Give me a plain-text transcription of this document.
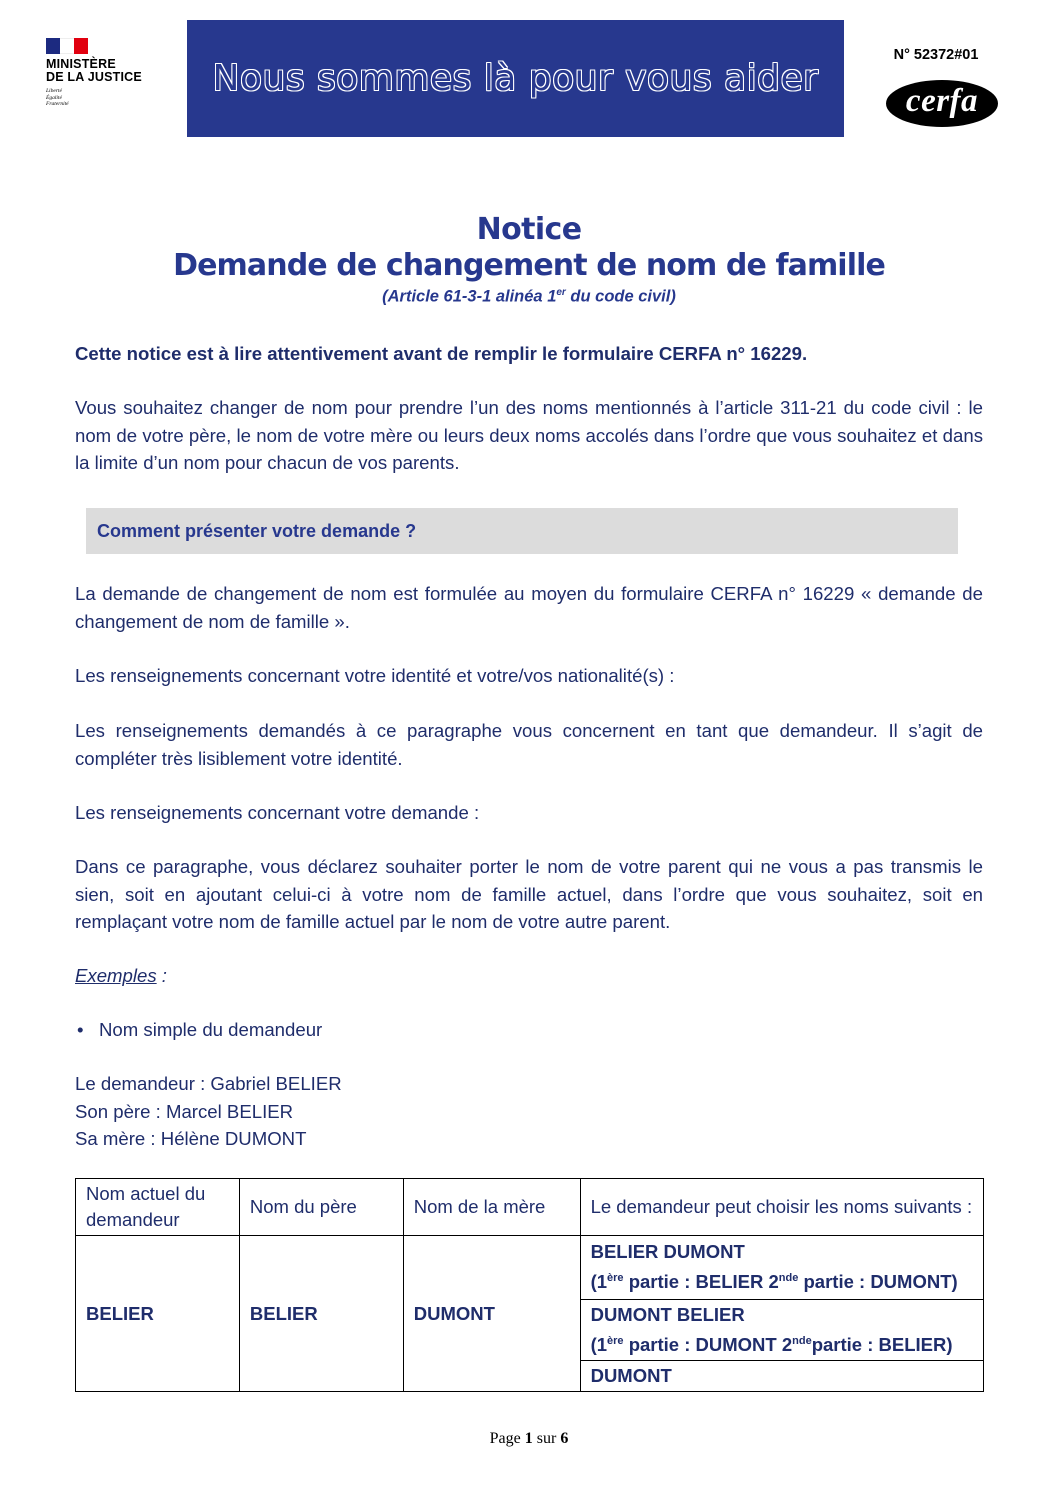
MINISTÈRE
DE LA JUSTICE
Liberté
Égalité
Fraternité
Nous sommes là pour vous aider
N° 52372#01
cerfa
Notice
Demande de changement de nom de famille
(Article 61-3-1 alinéa 1er du code civil)
Cette notice est à lire attentivement avant de remplir le formulaire CERFA n° 16229.
Vous souhaitez changer de nom pour prendre l’un des noms mentionnés à l’article 311-21 du code civil : le nom de votre père, le nom de votre mère ou leurs deux noms accolés dans l’ordre que vous souhaitez et dans la limite d’un nom pour chacun de vos parents.
Comment présenter votre demande ?
La demande de changement de nom est formulée au moyen du formulaire CERFA n° 16229 « demande de changement de nom de famille ».
Les renseignements concernant votre identité et votre/vos nationalité(s) :
Les renseignements demandés à ce paragraphe vous concernent en tant que demandeur. Il s’agit de compléter très lisiblement votre identité.
Les renseignements concernant votre demande :
Dans ce paragraphe, vous déclarez souhaiter porter le nom de votre parent qui ne vous a pas transmis le sien, soit en ajoutant celui-ci à votre nom de famille actuel, dans l’ordre que vous souhaitez, soit en remplaçant votre nom de famille actuel par le nom de votre autre parent.
Exemples :
• Nom simple du demandeur
Le demandeur : Gabriel BELIER
Son père : Marcel BELIER
Sa mère : Hélène DUMONT
Nom actuel du demandeur	Nom du père	Nom de la mère	Le demandeur peut choisir les noms suivants :
BELIER	BELIER	DUMONT	BELIER DUMONT
(1ère partie : BELIER 2nde partie : DUMONT)

			DUMONT BELIER
(1ère partie : DUMONT 2ndepartie : BELIER)

			DUMONT
Page 1 sur 6
